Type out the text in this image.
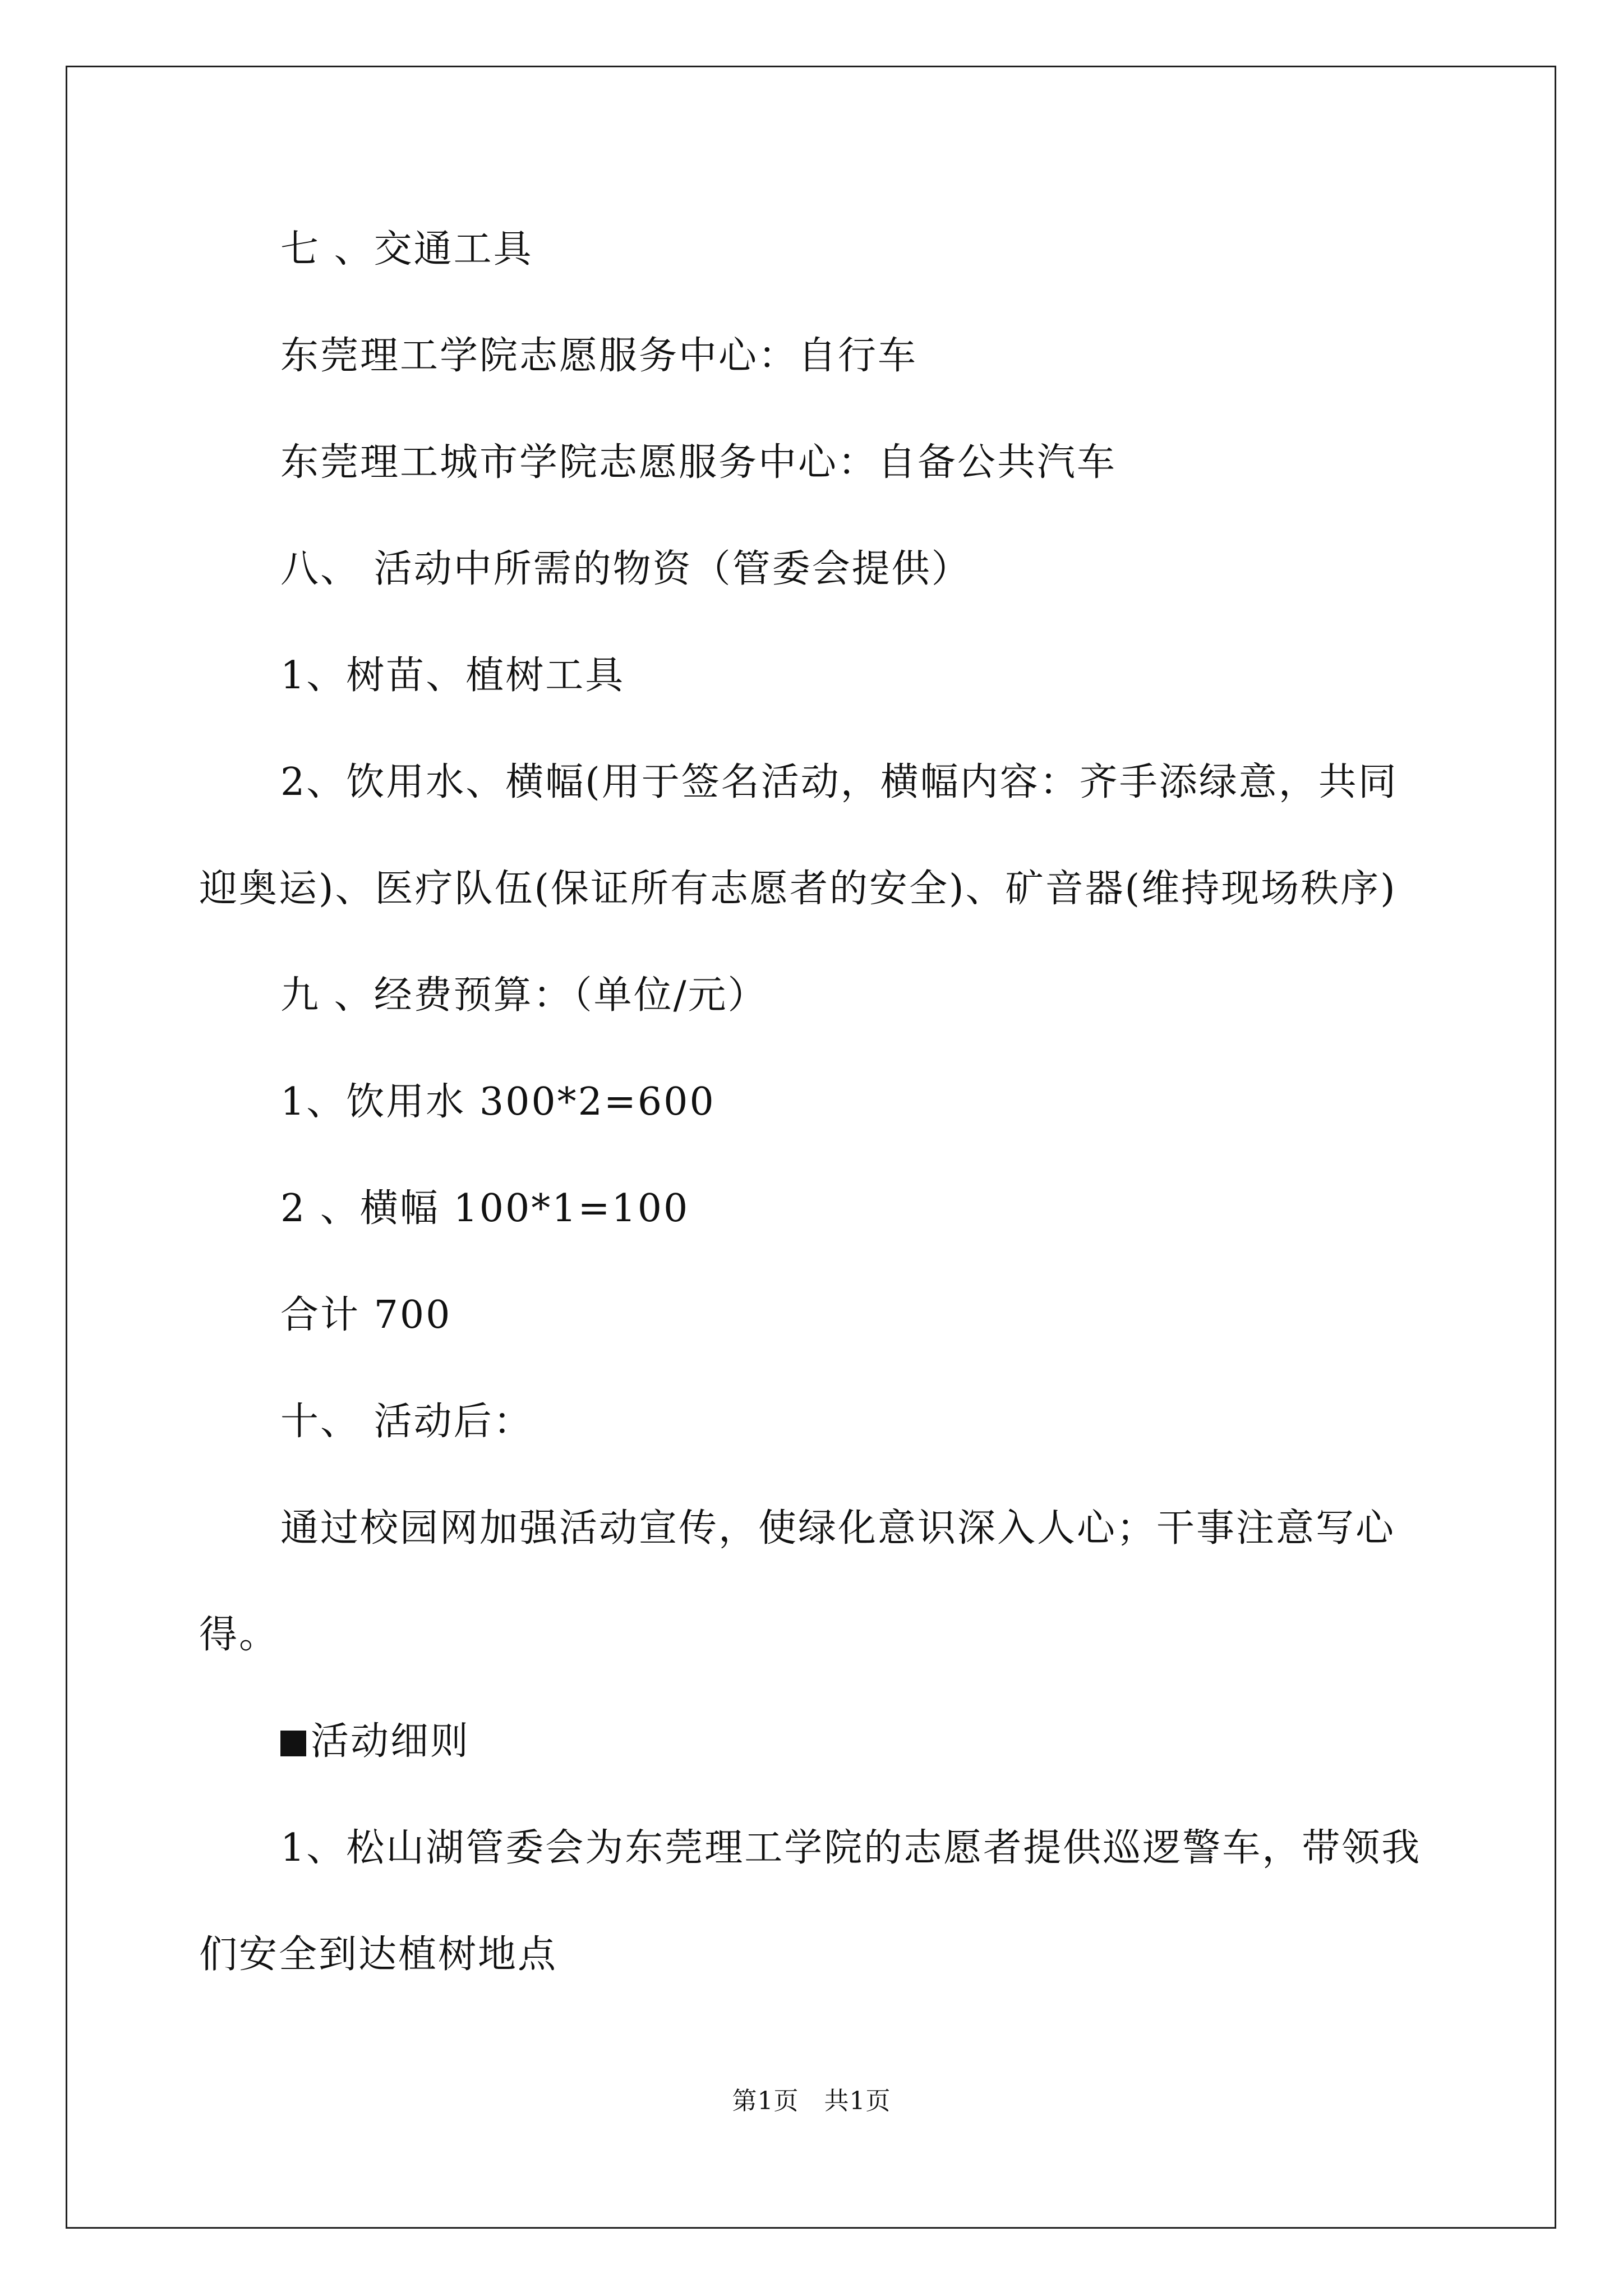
七 、交通工具
东莞理工学院志愿服务中心：自行车
东莞理工城市学院志愿服务中心：自备公共汽车
八、 活动中所需的物资（管委会提供）
1、树苗、植树工具
2、饮用水、横幅(用于签名活动，横幅内容：齐手添绿意，共同
迎奥运)、医疗队伍(保证所有志愿者的安全)、矿音器(维持现场秩序)
九 、经费预算：（单位/元）
1、饮用水 300*2=600
2 、横幅 100*1=100
合计 700
十、 活动后：
通过校园网加强活动宣传，使绿化意识深入人心；干事注意写心
得。
活动细则
1、松山湖管委会为东莞理工学院的志愿者提供巡逻警车，带领我
们安全到达植树地点
第1页　共1页
